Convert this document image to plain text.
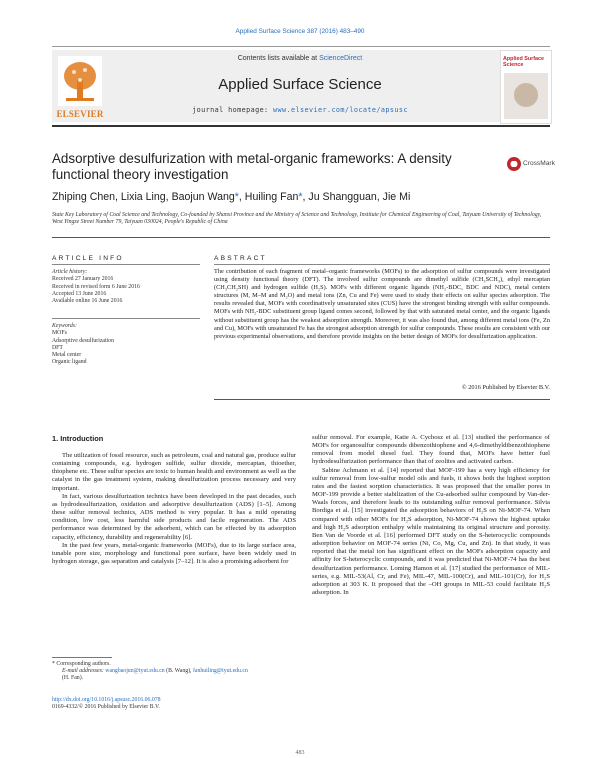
Applied Surface Science 387 (2016) 483–490
ELSEVIER
Contents lists available at ScienceDirect
Applied Surface Science
journal homepage: www.elsevier.com/locate/apsusc
Applied Surface Science
Adsorptive desulfurization with metal-organic frameworks: A density functional theory investigation
CrossMark
Zhiping Chen, Lixia Ling, Baojun Wang*, Huiling Fan*, Ju Shangguan, Jie Mi
State Key Laboratory of Coal Science and Technology, Co-founded by Shanxi Province and the Ministry of Science and Technology, Institute for Chemical Engineering of Coal, Taiyuan University of Technology, West Yingze Street Number 79, Taiyuan 030024, People's Republic of China
ARTICLE INFO
Article history:
Received 27 January 2016
Received in revised form 6 June 2016
Accepted 13 June 2016
Available online 16 June 2016
Keywords:
MOFs
Adsorptive desulfurization
DFT
Metal center
Organic ligand
ABSTRACT
The contribution of each fragment of metal–organic frameworks (MOFs) to the adsorption of sulfur compounds were investigated using density functional theory (DFT). The involved sulfur compounds are dimethyl sulfide (CH₃SCH₃), ethyl mercaptan (CH₃CH₂SH) and hydrogen sulfide (H₂S). MOFs with different organic ligands (NH₂-BDC, BDC and NDC), metal centers structures (M, M–M and M₂O) and metal ions (Zn, Cu and Fe) were used to study their effects on sulfur species adsorption. The results revealed that, MOFs with coordinatively unsaturated sites (CUS) have the strongest binding strength with sulfur compounds. MOFs with NH₂-BDC substituent group ligand comes second, followed by that with saturated metal center, and the organic ligands without substituent group has the weakest adsorption strength. Moreover, it was also found that, among different metal ions (Fe, Zn and Cu), MOFs with unsaturated Fe has the strongest adsorption strength for sulfur compounds. These results are consistent with our previous experimental observations, and therefore provide insights on the better design of MOFs for desulfurization application.
© 2016 Published by Elsevier B.V.
1. Introduction

The utilization of fossil resource, such as petroleum, coal and natural gas, produce sulfur containing compounds, e.g. hydrogen sulfide, sulfur dioxide, mercaptan, thioether, thiophene etc. These sulfur species are toxic to human health and environment as well as the catalyst in the gas treatment system, making desulfurization process necessary and very important.

In fact, various desulfurization technics have been developed in the past decades, such as hydrodesulfurization, oxidation and adsorptive desulfurization (ADS) [1–5]. Among these sulfur removal technics, ADS method is very popular. It has a mild operating condition, low cost, less harmful side products and facile regeneration. The ADS performance was determined by the adsorbent, which can be effected by its adsorption capacity, efficiency, durability and regenerability [6].

In the past few years, metal-organic frameworks (MOFs), due to its large surface area, tunable pore size, morphology and functional pore surface, have been widely used in hydrogen storage, gas separation and catalysis [7–12]. It is also a promising adsorbent for

sulfur removal. For example, Katie A. Cychosz et al. [13] studied the performance of MOFs for organosulfur compounds dibenzothiophene and 4,6-dimethyldibenzothiophene removal from model diesel fuel. They found that, MOFs have better fuel hydrodesulfurization performance than that of zeolites and activated carbon.

Sabine Achmann et al. [14] reported that MOF-199 has a very high efficiency for sulfur removal from low-sulfur model oils and fuels, it shows both the highest sorption rates and the fastest sorption characteristics. It was proposed that the smaller pores in MOF-199 provide a better stabilization of the Cu-adsorbed sulfur compound by Van-der-Waals forces, and therefore leads to its outstanding sulfur removal performance. Silvia Bordiga et al. [15] investigated the adsorption behaviors of H₂S on Ni-MOF-74. When compared with other MOFs for H₂S adsorption, Ni-MOF-74 shows the highest uptake and high H₂S adsorption enthalpy while maintaining its original structure and porosity. Ben Van de Voorde et al. [16] performed DFT study on the S-heterocyclic compounds adsorption behavior on MOF-74 series (Ni, Co, Mg, Cu, and Zn). In that study, it was reported that the metal ion has significant effect on the MOFs adsorption capacity and affinity for S-heterocyclic compounds, and it was predicted that Ni-MOF-74 has the best desulfurization performance. Loming Hamon et al. [17] studied the performance of MIL-series, e.g. MIL-53(Al, Cr, and Fe), MIL-47, MIL-100(Cr), and MIL-101(Cr), for H₂S adsorption at 303 K. It proposed that the –OH groups in MIL-53 could facilitate H₂S adsorption. In

* Corresponding authors.
E-mail addresses: wangbaojun@tyut.edu.cn (B. Wang), fanhuiling@tyut.edu.cn
(H. Fan).
http://dx.doi.org/10.1016/j.apsusc.2016.06.078
0169-4332/© 2016 Published by Elsevier B.V.
483
